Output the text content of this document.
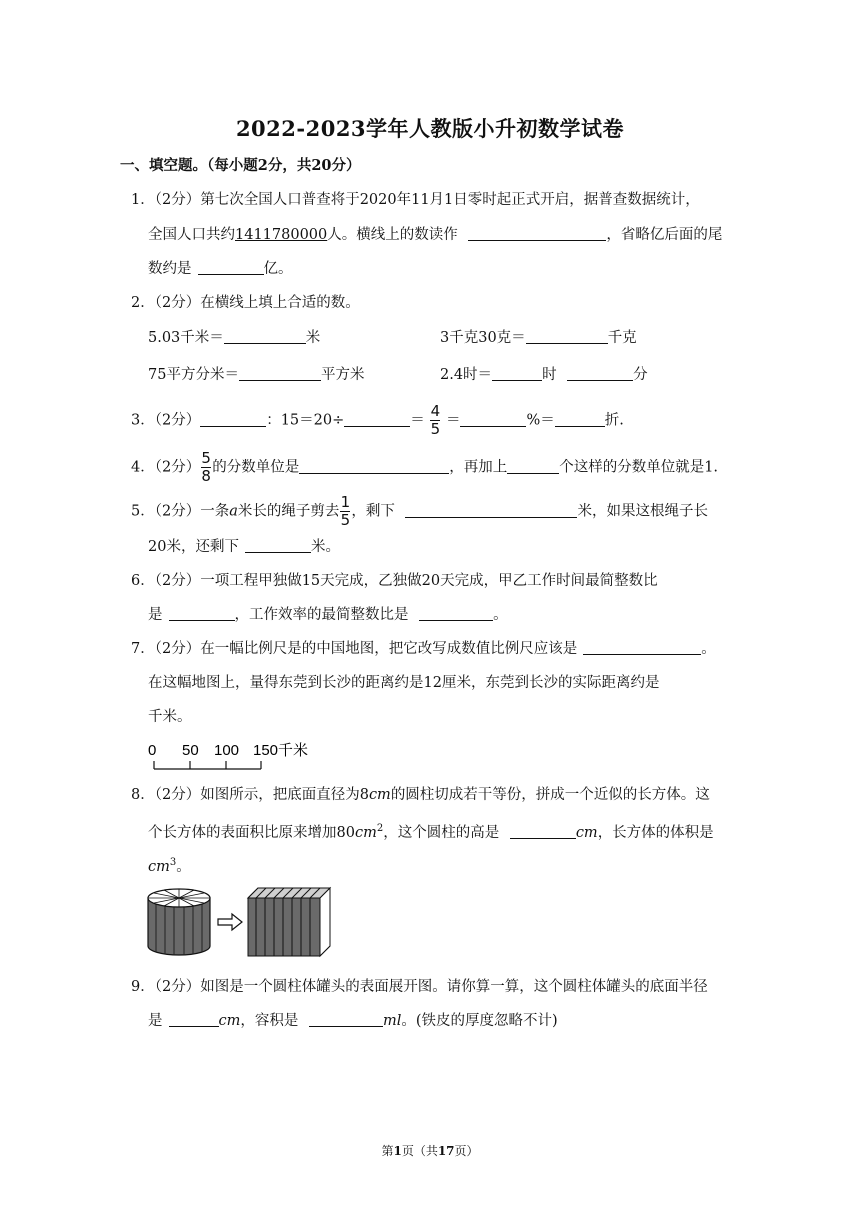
2022-2023学年人教版小升初数学试卷
一、填空题。（每小题2分，共20分）
1．（2分）第七次全国人口普查将于2020年11月1日零时起正式开启，据普查数据统计，
全国人口共约1411780000人。横线上的数读作	，省略亿后面的尾
数约是	亿。
2．（2分）在横线上填上合适的数。
5.03千米＝	米	3千克30克＝	千克
75平方分米＝	平方米	2.4时＝	时	分
3．（2分）	：15＝20÷	＝ $\frac{4}{5}$ ＝	%＝	折.
4．（2分） $\frac{5}{8}$ 的分数单位是	，再加上	个这样的分数单位就是1.
5．（2分）一条a米长的绳子剪去 $\frac{1}{5}$ ，剩下	米，如果这根绳子长
20米，还剩下	米。
6．（2分）一项工程甲独做15天完成，乙独做20天完成，甲乙工作时间最简整数比
是	，工作效率的最简整数比是	。
7．（2分）在一幅比例尺是的中国地图，把它改写成数值比例尺应该是	。
在这幅地图上，量得东莞到长沙的距离约是12厘米，东莞到长沙的实际距离约是
千米。
0 50 100 150千米
8．（2分）如图所示，把底面直径为8cm的圆柱切成若干等份，拼成一个近似的长方体。这
个长方体的表面积比原来增加$80cm^2$，这个圆柱的高是	cm，长方体的体积是
$cm^3$。
9．（2分）如图是一个圆柱体罐头的表面展开图。请你算一算，这个圆柱体罐头的底面半径
是	cm，容积是	ml。(铁皮的厚度忽略不计)
第1页（共17页）
